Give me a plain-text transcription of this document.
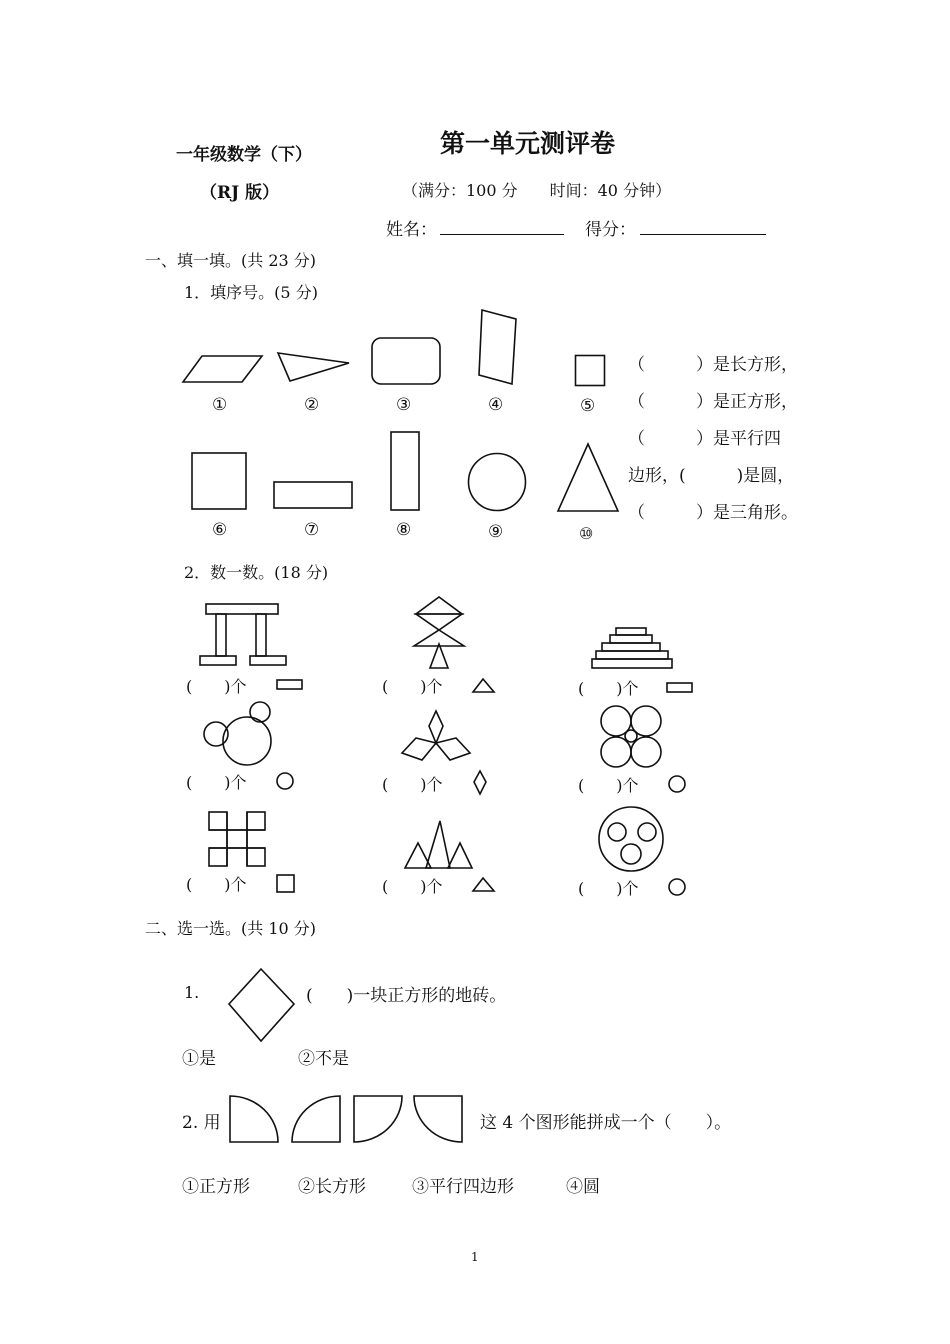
一年级数学（下）
（RJ 版）
第一单元测评卷
（满分：100 分　　时间：40 分钟）
姓名：	得分：
一、填一填。(共 23 分)
1．填序号。(5 分)
①	②	③	④	⑤
⑥	⑦	⑧	⑨	⑩
（　　　）是长方形，
（　　　）是正方形，
（　　　）是平行四
边形，(　　　)是圆，
（　　　）是三角形。
2．数一数。(18 分)
(　　)个	(　　)个	(　　)个
(　　)个	(　　)个	(　　)个
(　　)个	(　　)个	(　　)个
二、选一选。(共 10 分)
1.	(　　)一块正方形的地砖。
①是	②不是
2. 用	这 4 个图形能拼成一个（　　）。
①正方形	②长方形	③平行四边形	④圆
1
